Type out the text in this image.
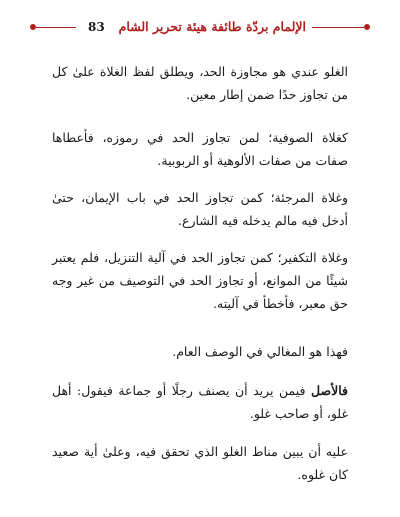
83 الإلمام بردّة طائفة هيئة تحرير الشام

الغلو عندي هو مجاوزة الحد، ويطلق لفظ الغلاة علىٰ كل من تجاوز حدًا ضمن إطار معين.

كغلاة الصوفية؛ لمن تجاوز الحد في رموزه، فأعطاها صفات من صفات الألوهية أو الربوبية.

وغلاة المرجئة؛ كمن تجاوز الحد في باب الإيمان، حتىٰ أدخل فيه مالم يدخله فيه الشارع.

وغلاة التكفير؛ كمن تجاوز الحد في آلية التنزيل، فلم يعتبر شيئًا من الموانع، أو تجاوز الحد في التوصيف من غير وجه حق معبر، فأخطأ في آليته.

فهذا هو المغالي في الوصف العام.

فالأصل فيمن يريد أن يصنف رجلًا أو جماعة فيقول: أهل غلو، أو صاحب غلو.

عليه أن يبين مناط الغلو الذي تحقق فيه، وعلىٰ أية صعيد كان غلوه.
